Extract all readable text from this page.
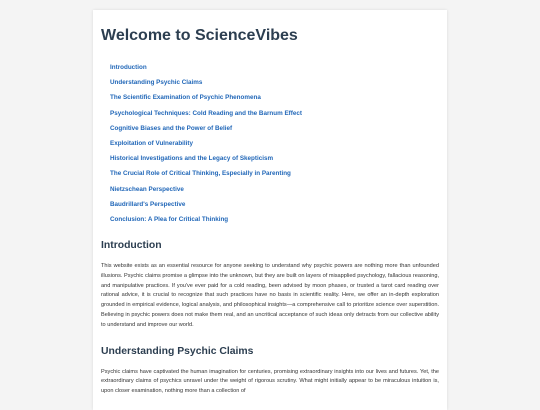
Welcome to ScienceVibes
Introduction
Understanding Psychic Claims
The Scientific Examination of Psychic Phenomena
Psychological Techniques: Cold Reading and the Barnum Effect
Cognitive Biases and the Power of Belief
Exploitation of Vulnerability
Historical Investigations and the Legacy of Skepticism
The Crucial Role of Critical Thinking, Especially in Parenting
Nietzschean Perspective
Baudrillard's Perspective
Conclusion: A Plea for Critical Thinking
Introduction

This website exists as an essential resource for anyone seeking to understand why psychic powers are nothing more than unfounded illusions. Psychic claims promise a glimpse into the unknown, but they are built on layers of misapplied psychology, fallacious reasoning, and manipulative practices. If you've ever paid for a cold reading, been advised by moon phases, or trusted a tarot card reading over rational advice, it is crucial to recognize that such practices have no basis in scientific reality. Here, we offer an in-depth exploration grounded in empirical evidence, logical analysis, and philosophical insights—a comprehensive call to prioritize science over superstition. Believing in psychic powers does not make them real, and an uncritical acceptance of such ideas only detracts from our collective ability to understand and improve our world.

Understanding Psychic Claims

Psychic claims have captivated the human imagination for centuries, promising extraordinary insights into our lives and futures. Yet, the extraordinary claims of psychics unravel under the weight of rigorous scrutiny. What might initially appear to be miraculous intuition is, upon closer examination, nothing more than a collection of
